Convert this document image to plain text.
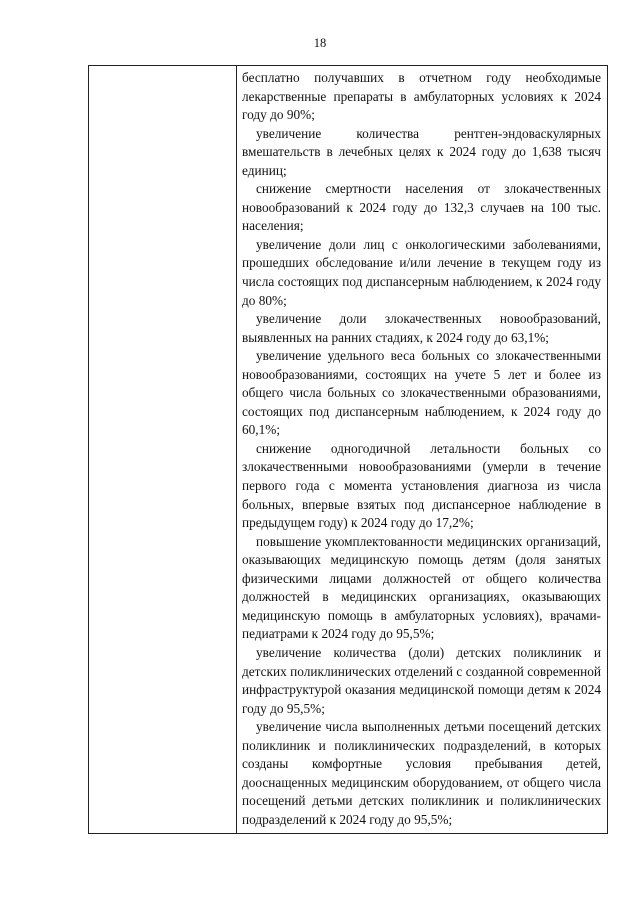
18

бесплатно получавших в отчетном году необходимые лекарственные препараты в амбулаторных условиях к 2024 году до 90%;

увеличение количества рентген-эндоваскулярных вмешательств в лечебных целях к 2024 году до 1,638 тысяч единиц;

снижение смертности населения от злокачественных новообразований к 2024 году до 132,3 случаев на 100 тыс. населения;

увеличение доли лиц с онкологическими заболеваниями, прошедших обследование и/или лечение в текущем году из числа состоящих под диспансерным наблюдением, к 2024 году до 80%;

увеличение доли злокачественных новообразований, выявленных на ранних стадиях, к 2024 году до 63,1%;

увеличение удельного веса больных со злокачественными новообразованиями, состоящих на учете 5 лет и более из общего числа больных со злокачественными образованиями, состоящих под диспансерным наблюдением, к 2024 году до 60,1%;

снижение одногодичной летальности больных со злокачественными новообразованиями (умерли в течение первого года с момента установления диагноза из числа больных, впервые взятых под диспансерное наблюдение в предыдущем году) к 2024 году до 17,2%;

повышение укомплектованности медицинских организаций, оказывающих медицинскую помощь детям (доля занятых физическими лицами должностей от общего количества должностей в медицинских организациях, оказывающих медицинскую помощь в амбулаторных условиях), врачами-педиатрами к 2024 году до 95,5%;

увеличение количества (доли) детских поликлиник и детских поликлинических отделений с созданной современной инфраструктурой оказания медицинской помощи детям к 2024 году до 95,5%;

увеличение числа выполненных детьми посещений детских поликлиник и поликлинических подразделений, в которых созданы комфортные условия пребывания детей, дооснащенных медицинским оборудованием, от общего числа посещений детьми детских поликлиник и поликлинических подразделений к 2024 году до 95,5%;
